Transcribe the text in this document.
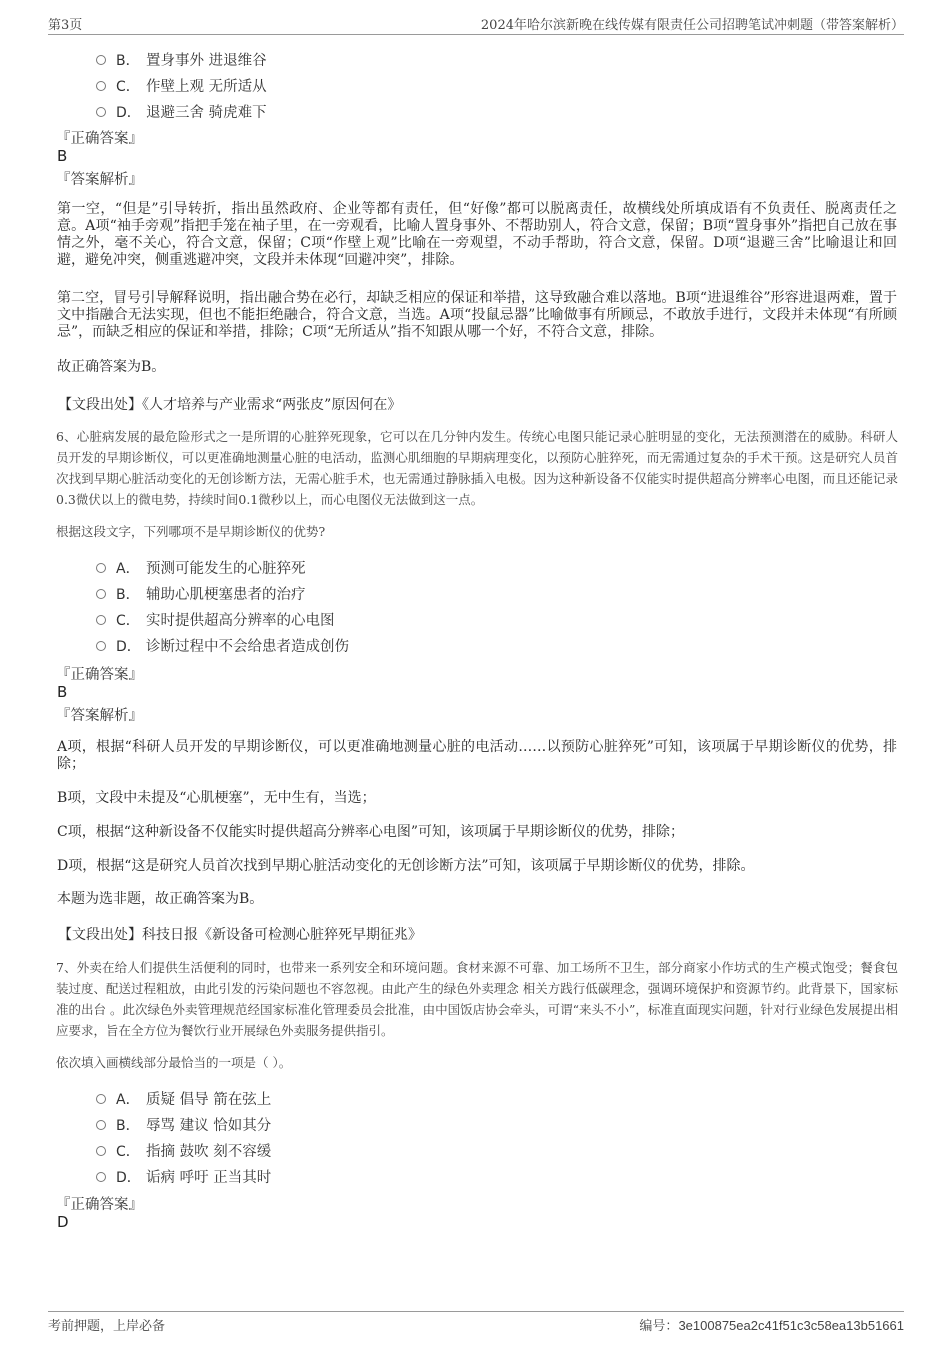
第3页	2024年哈尔滨新晚在线传媒有限责任公司招聘笔试冲刺题（带答案解析）
B． 置身事外 进退维谷
C． 作壁上观 无所适从
D． 退避三舍 骑虎难下
『正确答案』
B
『答案解析』

第一空，“但是”引导转折，指出虽然政府、企业等都有责任，但“好像”都可以脱离责任，故横线处所填成语有不负责任、脱离责任之意。A项“袖手旁观”指把手笼在袖子里，在一旁观看，比喻人置身事外、不帮助别人，符合文意，保留；B项“置身事外”指把自己放在事情之外，毫不关心，符合文意，保留；C项“作壁上观”比喻在一旁观望，不动手帮助，符合文意，保留。D项“退避三舍”比喻退让和回避，避免冲突，侧重逃避冲突，文段并未体现“回避冲突”，排除。

第二空，冒号引导解释说明，指出融合势在必行，却缺乏相应的保证和举措，这导致融合难以落地。B项“进退维谷”形容进退两难，置于文中指融合无法实现，但也不能拒绝融合，符合文意，当选。A项“投鼠忌器”比喻做事有所顾忌，不敢放手进行，文段并未体现“有所顾忌”，而缺乏相应的保证和举措，排除；C项“无所适从”指不知跟从哪一个好，不符合文意，排除。

故正确答案为B。

【文段出处】《人才培养与产业需求“两张皮”原因何在》

6、心脏病发展的最危险形式之一是所谓的心脏猝死现象，它可以在几分钟内发生。传统心电图只能记录心脏明显的变化，无法预测潜在的威胁。科研人员开发的早期诊断仪，可以更准确地测量心脏的电活动，监测心肌细胞的早期病理变化，以预防心脏猝死，而无需通过复杂的手术干预。这是研究人员首次找到早期心脏活动变化的无创诊断方法，无需心脏手术，也无需通过静脉插入电极。因为这种新设备不仅能实时提供超高分辨率心电图，而且还能记录0.3微伏以上的微电势，持续时间0.1微秒以上，而心电图仪无法做到这一点。

根据这段文字，下列哪项不是早期诊断仪的优势?

A． 预测可能发生的心脏猝死
B． 辅助心肌梗塞患者的治疗
C． 实时提供超高分辨率的心电图
D． 诊断过程中不会给患者造成创伤
『正确答案』
B
『答案解析』

A项，根据“科研人员开发的早期诊断仪，可以更准确地测量心脏的电活动……以预防心脏猝死”可知，该项属于早期诊断仪的优势，排除；

B项，文段中未提及“心肌梗塞”，无中生有，当选；

C项，根据“这种新设备不仅能实时提供超高分辨率心电图”可知，该项属于早期诊断仪的优势，排除；

D项，根据“这是研究人员首次找到早期心脏活动变化的无创诊断方法”可知，该项属于早期诊断仪的优势，排除。

本题为选非题，故正确答案为B。

【文段出处】科技日报《新设备可检测心脏猝死早期征兆》

7、外卖在给人们提供生活便利的同时，也带来一系列安全和环境问题。食材来源不可靠、加工场所不卫生，部分商家小作坊式的生产模式饱受；餐食包装过度、配送过程粗放，由此引发的污染问题也不容忽视。由此产生的绿色外卖理念 相关方践行低碳理念，强调环境保护和资源节约。此背景下，国家标准的出台 。此次绿色外卖管理规范经国家标准化管理委员会批准，由中国饭店协会牵头，可谓“来头不小”，标准直面现实问题，针对行业绿色发展提出相应要求，旨在全方位为餐饮行业开展绿色外卖服务提供指引。

依次填入画横线部分最恰当的一项是（ ）。

A． 质疑 倡导 箭在弦上
B． 辱骂 建议 恰如其分
C． 指摘 鼓吹 刻不容缓
D． 诟病 呼吁 正当其时
『正确答案』
D
考前押题，上岸必备	编号：3e100875ea2c41f51c3c58ea13b51661
